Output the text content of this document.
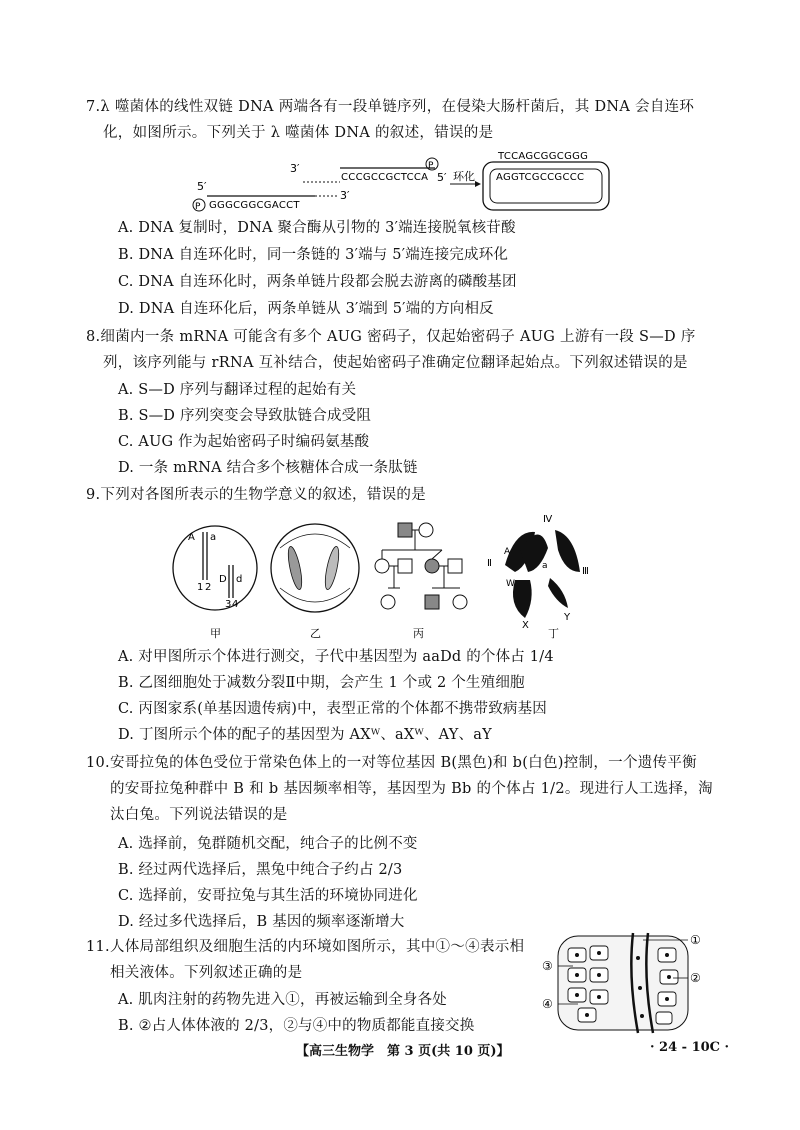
7.λ 噬菌体的线性双链 DNA 两端各有一段单链序列，在侵染大肠杆菌后，其 DNA 会自连环
化，如图所示。下列关于 λ 噬菌体 DNA 的叙述，错误的是
5′
P GGGCGGCGACCT
3′
3′
CCCGCCGCTCCA
P
5′ 环化
TCCAGCGGCGGG
AGGTCGCCGCCC
A. DNA 复制时，DNA 聚合酶从引物的 3′端连接脱氧核苷酸
B. DNA 自连环化时，同一条链的 3′端与 5′端连接完成环化
C. DNA 自连环化时，两条单链片段都会脱去游离的磷酸基团
D. DNA 自连环化后，两条单链从 3′端到 5′端的方向相反
8.细菌内一条 mRNA 可能含有多个 AUG 密码子，仅起始密码子 AUG 上游有一段 S—D 序
列，该序列能与 rRNA 互补结合，使起始密码子准确定位翻译起始点。下列叙述错误的是
A. S—D 序列与翻译过程的起始有关
B. S—D 序列突变会导致肽链合成受阻
C. AUG 作为起始密码子时编码氨基酸
D. 一条 mRNA 结合多个核糖体合成一条肽链
9.下列对各图所表示的生物学意义的叙述，错误的是
A a
1 2
D d
3 4
Ⅳ
Ⅱ
Ⅲ
A
a
W
X
Y
甲	乙	丙	丁
A. 对甲图所示个体进行测交，子代中基因型为 aaDd 的个体占 1/4
B. 乙图细胞处于减数分裂Ⅱ中期，会产生 1 个或 2 个生殖细胞
C. 丙图家系(单基因遗传病)中，表型正常的个体都不携带致病基因
D. 丁图所示个体的配子的基因型为 AXᵂ、aXᵂ、AY、aY
10.安哥拉兔的体色受位于常染色体上的一对等位基因 B(黑色)和 b(白色)控制，一个遗传平衡
的安哥拉兔种群中 B 和 b 基因频率相等，基因型为 Bb 的个体占 1/2。现进行人工选择，淘
汰白兔。下列说法错误的是
A. 选择前，兔群随机交配，纯合子的比例不变
B. 经过两代选择后，黑兔中纯合子约占 2/3
C. 选择前，安哥拉兔与其生活的环境协同进化
D. 经过多代选择后，B 基因的频率逐渐增大
11.人体局部组织及细胞生活的内环境如图所示，其中①～④表示相
相关液体。下列叙述正确的是
A. 肌肉注射的药物先进入①，再被运输到全身各处
B. ②占人体体液的 2/3，②与④中的物质都能直接交换
①
②
③
④
【高三生物学　第 3 页(共 10 页)】	· 24 - 10C ·
